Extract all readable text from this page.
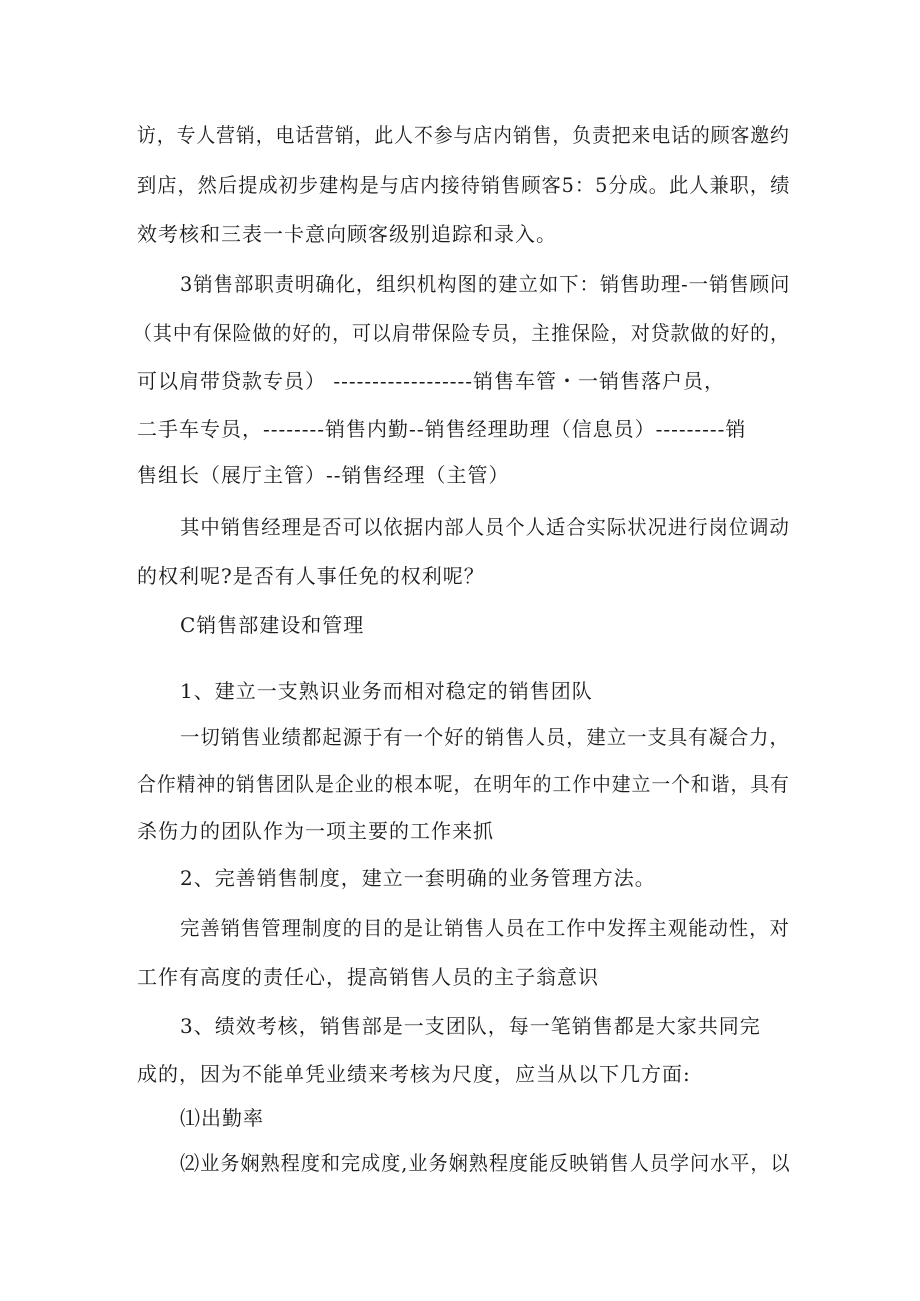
访，专人营销，电话营销，此人不参与店内销售，负责把来电话的顾客邀约
到店，然后提成初步建构是与店内接待销售顾客5：5分成。此人兼职，绩
效考核和三表一卡意向顾客级别追踪和录入。
3销售部职责明确化，组织机构图的建立如下：销售助理-一销售顾问
（其中有保险做的好的，可以肩带保险专员，主推保险，对贷款做的好的，
可以肩带贷款专员） ------------------销售车管・一销售落户员，
二手车专员，--------销售内勤--销售经理助理（信息员）---------销
售组长（展厅主管）--销售经理（主管）
其中销售经理是否可以依据内部人员个人适合实际状况进行岗位调动
的权利呢?是否有人事任免的权利呢？
C销售部建设和管理
1、建立一支熟识业务而相对稳定的销售团队
一切销售业绩都起源于有一个好的销售人员，建立一支具有凝合力，
合作精神的销售团队是企业的根本呢，在明年的工作中建立一个和谐，具有
杀伤力的团队作为一项主要的工作来抓
2、完善销售制度，建立一套明确的业务管理方法。
完善销售管理制度的目的是让销售人员在工作中发挥主观能动性，对
工作有高度的责任心，提高销售人员的主子翁意识
3、绩效考核，销售部是一支团队，每一笔销售都是大家共同完
成的，因为不能单凭业绩来考核为尺度，应当从以下几方面:
⑴出勤率
⑵业务娴熟程度和完成度,业务娴熟程度能反映销售人员学问水平，以
